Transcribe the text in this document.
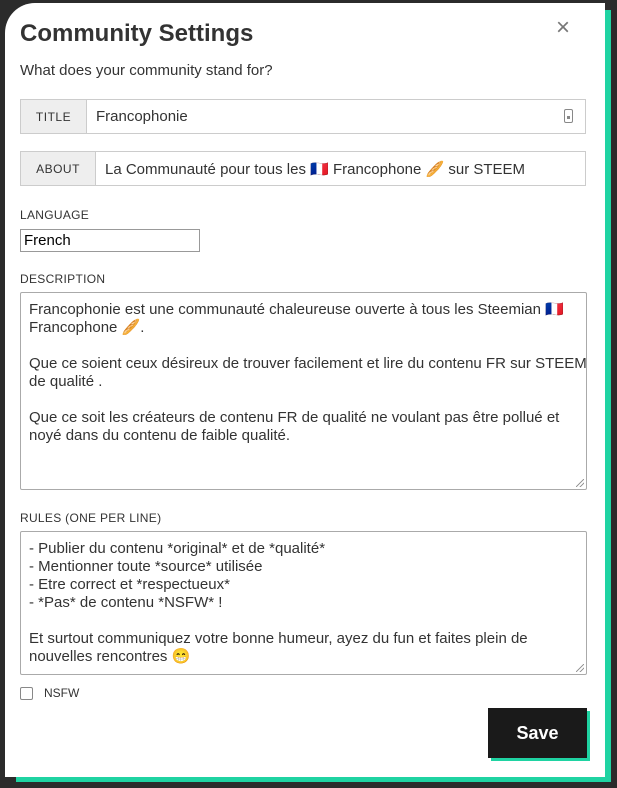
Community Settings	×
What does your community stand for?
TITLE	Francophonie
ABOUT	La Communauté pour tous les 🇫🇷 Francophone 🥖 sur STEEM
LANGUAGE
French
DESCRIPTION
Francophonie est une communauté chaleureuse ouverte à tous les Steemian 🇫🇷
Francophone 🥖.
Que ce soient ceux désireux de trouver facilement et lire du contenu FR sur STEEM
de qualité .
Que ce soit les créateurs de contenu FR de qualité ne voulant pas être pollué et
noyé dans du contenu de faible qualité.
RULES (ONE PER LINE)
- Publier du contenu *original* et de *qualité*
- Mentionner toute *source* utilisée
- Etre correct et *respectueux*
- *Pas* de contenu *NSFW* !
Et surtout communiquez votre bonne humeur, ayez du fun et faites plein de
nouvelles rencontres 😁
NSFW
Save
